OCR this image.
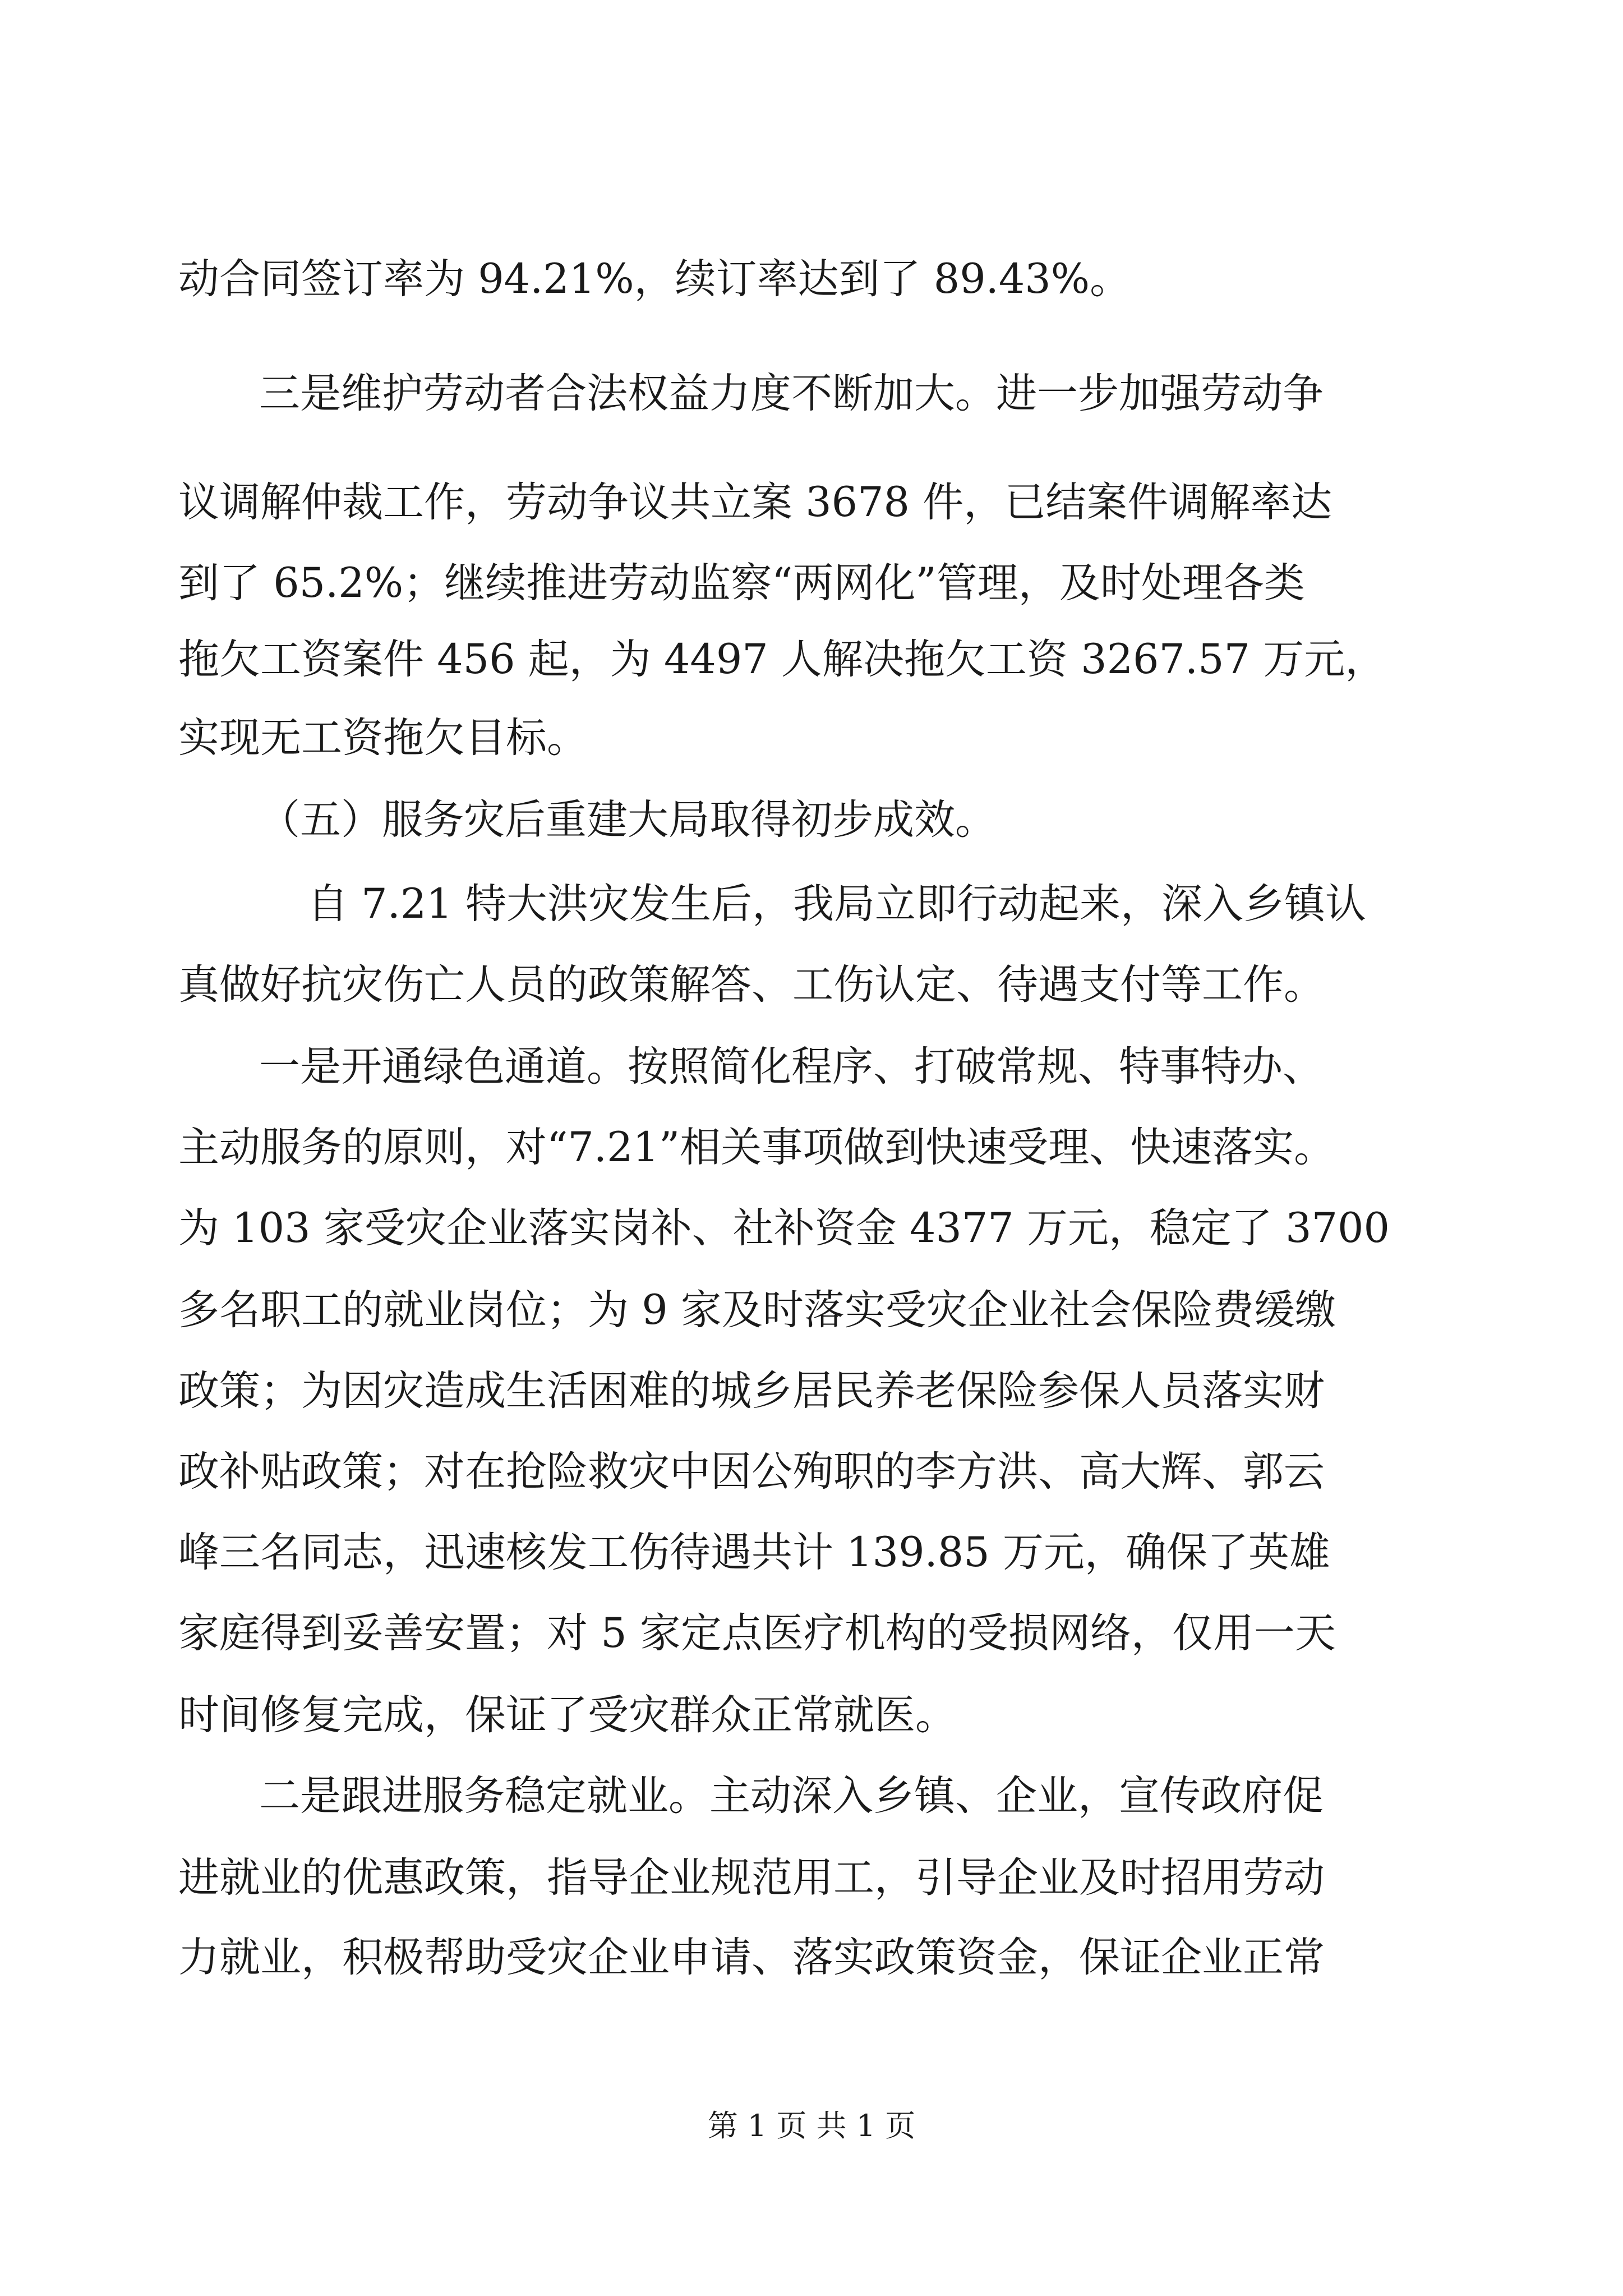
动合同签订率为 94.21%，续订率达到了 89.43%。

三是维护劳动者合法权益力度不断加大。进一步加强劳动争

议调解仲裁工作，劳动争议共立案 3678 件，已结案件调解率达

到了 65.2%；继续推进劳动监察“两网化”管理，及时处理各类

拖欠工资案件 456 起，为 4497 人解决拖欠工资 3267.57 万元，

实现无工资拖欠目标。

（五）服务灾后重建大局取得初步成效。

自 7.21 特大洪灾发生后，我局立即行动起来，深入乡镇认

真做好抗灾伤亡人员的政策解答、工伤认定、待遇支付等工作。

一是开通绿色通道。按照简化程序、打破常规、特事特办、

主动服务的原则，对“7.21”相关事项做到快速受理、快速落实。

为 103 家受灾企业落实岗补、社补资金 4377 万元，稳定了 3700

多名职工的就业岗位；为 9 家及时落实受灾企业社会保险费缓缴

政策；为因灾造成生活困难的城乡居民养老保险参保人员落实财

政补贴政策；对在抢险救灾中因公殉职的李方洪、高大辉、郭云

峰三名同志，迅速核发工伤待遇共计 139.85 万元，确保了英雄

家庭得到妥善安置；对 5 家定点医疗机构的受损网络，仅用一天

时间修复完成，保证了受灾群众正常就医。

二是跟进服务稳定就业。主动深入乡镇、企业，宣传政府促

进就业的优惠政策，指导企业规范用工，引导企业及时招用劳动

力就业，积极帮助受灾企业申请、落实政策资金，保证企业正常

第 1 页 共 1 页
